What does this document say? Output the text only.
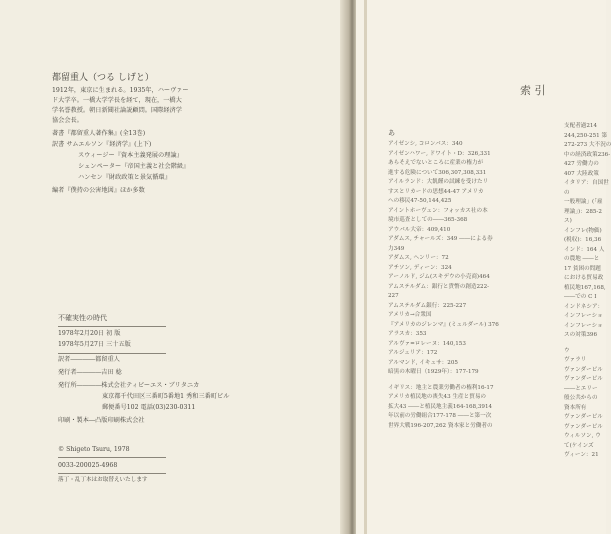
都留重人（つる しげと）
1912年，東京に生まれる。1935年，ハーヴァー
ド大学卒。一橋大学学長を経て，現在，一橋大
学名誉教授。朝日新聞社論説顧問。国際経済学
協会会長。
著書『都留重人著作集』(全13巻)
訳書 サムエルソン『経済学』(上下)
スウィージー『資本主義発展の理論』
シュンペーター『帝国主義と社会階級』
ハンセン『財政政策と景気循環』
編者『僕持の公害地図』ほか多数
不確実性の時代
1978年2月20日 初 版
1978年5月27日 三十五版
訳者――――都留重人
発行者――――吉田 稔
発行所――――株式会社ティビーエス・ブリタニカ
東京都千代田区三番町5番地1 秀和三番町ビル
郵便番号102 電話(03)230-0311
印刷・製本―凸版印刷株式会社
© Shigeto Tsuru, 1978
0033-200025-4968
落丁・乱丁本はお取替えいたします
索 引
あ
アイゼンシ, コロンバス：340
アイゼンハワー, ドワイト・D：326,331
あらそえでないところに産業の権力が
進する危険について306,307,308,331
アイルランド：大飢饉の試練を受けたリ
すスとリカードの思想44-47 アメリカ
への移民47-50,144,425
アイントホーヴェン：フォッカス社の本
境市巡査としての――365-368
アウバル大帝：409,410
アダムス, チャールズ：349 ――による券
力349
アダムス, ヘンリー：72
アチソン, ディーン：324
アーノルド, ジム(スキデウの小売商)464
アムステルダム：銀行と貨幣の創造222-
227
アムステルダム銀行：225-227
アメリカ→合衆国
『アメリカのジレンマ』(ミュルダール) 376
アラスカ：353
アルヴァ=ロレーヌ：140,153
アルジェリア：172
アルマンド, イキュサ：205
暗黒の木曜日（1929年）：177-179
イギリス：地主と農業労働者の権利16-17
アメリカ植民地の喪失43 生産と貿易の
拡大43 ――と植民地主義164-168,3914
年以前の労働組合177-178 ――と第一次
世界大戦196-207,262 資本家と労働者の
支配者過214
244,250-251 第
272-273 大不況の
中の経済政策236-
427 労働力の
407 大陸政策
イタリア：自国世
の
一般理論」(「雇
理論」)：285-2
ス)
インフレ(物価)
(税収)：16,36
インド：164 人
の農地 ――と
17 貧困の問題
における貿易政
植民地167,168,
――での C I
インドネシア：
インフレーショ
インフレーショ
スの対策396
ウ
ヴァラリ
ヴァンダービル
ヴァンダービル
――とエリー
般公共からの
資本所有
ヴァンダービル
ヴァンダービル
ウィルソン, ウ
て(ケインズ
ヴィーン：21
